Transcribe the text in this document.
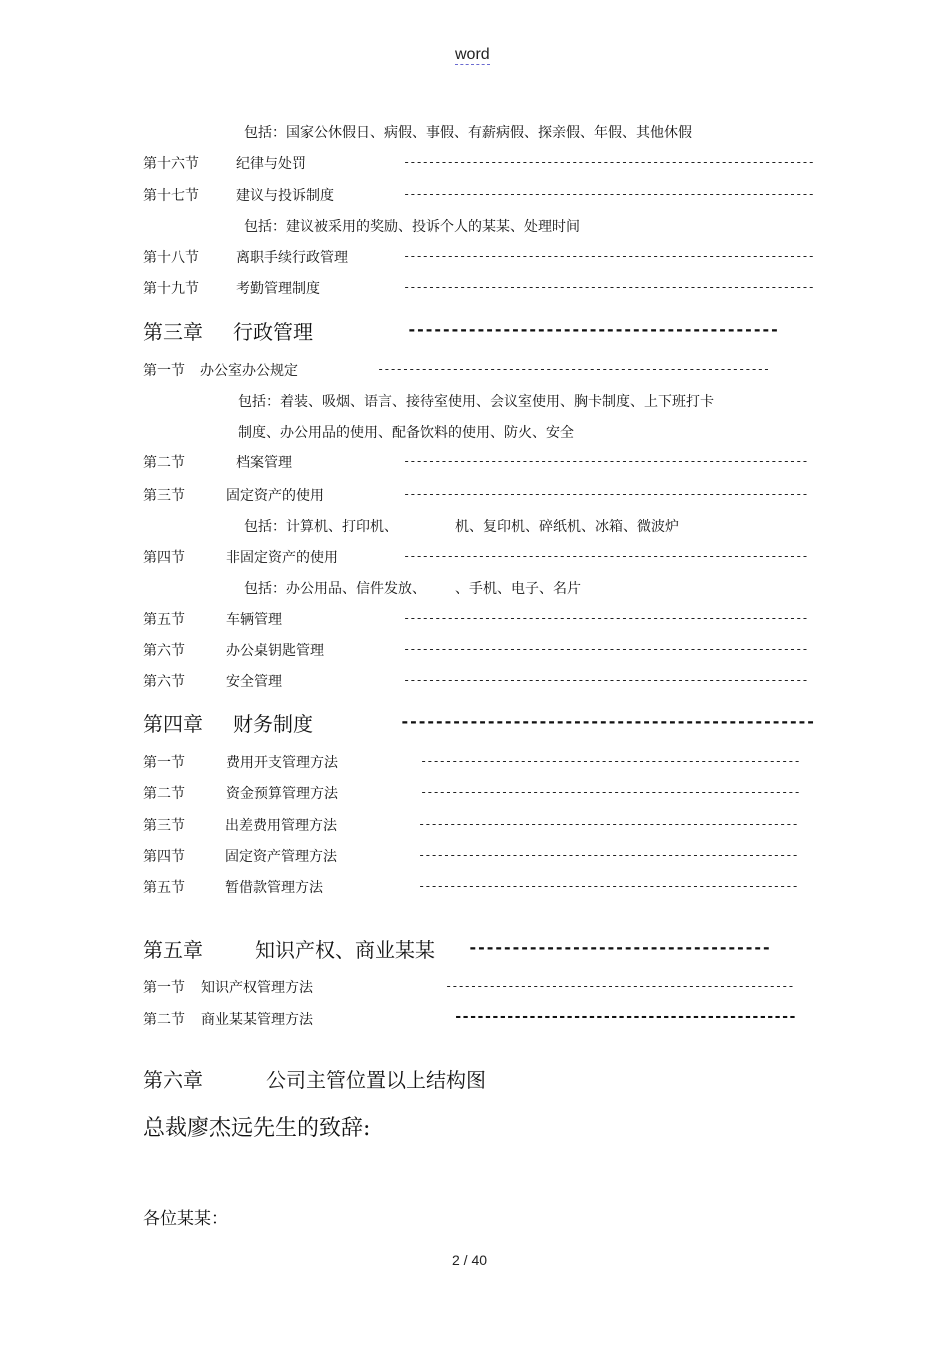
word
包括：国家公休假日、病假、事假、有薪病假、探亲假、年假、其他休假
第十六节	纪律与处罚	------------------------------------------------------------------
第十七节	建议与投诉制度	------------------------------------------------------------------
包括：建议被采用的奖励、投诉个人的某某、处理时间
第十八节	离职手续行政管理	------------------------------------------------------------------
第十九节	考勤管理制度	------------------------------------------------------------------
第三章 行政管理	-------------------------------------------
第一节 办公室办公规定	---------------------------------------------------------------
包括：着装、吸烟、语言、接待室使用、会议室使用、胸卡制度、上下班打卡
制度、办公用品的使用、配备饮料的使用、防火、安全
第二节	档案管理	-----------------------------------------------------------------
第三节	固定资产的使用	-----------------------------------------------------------------
包括：计算机、打印机、	机、复印机、碎纸机、冰箱、微波炉
第四节	非固定资产的使用	-----------------------------------------------------------------
包括：办公用品、信件发放、 、手机、电子、名片
第五节	车辆管理	-----------------------------------------------------------------
第六节	办公桌钥匙管理	-----------------------------------------------------------------
第六节	安全管理	-----------------------------------------------------------------
第四章 财务制度	------------------------------------------------
第一节	费用开支管理方法	-------------------------------------------------------------
第二节	资金预算管理方法	-------------------------------------------------------------
第三节	出差费用管理方法	-------------------------------------------------------------
第四节	固定资产管理方法	-------------------------------------------------------------
第五节	暂借款管理方法	-------------------------------------------------------------
第五章	知识产权、商业某某 -----------------------------------
第一节 知识产权管理方法	--------------------------------------------------------
第二节 商业某某管理方法	----------------------------------------------
第六章	公司主管位置以上结构图
总裁廖杰远先生的致辞:
各位某某：
2 / 40
